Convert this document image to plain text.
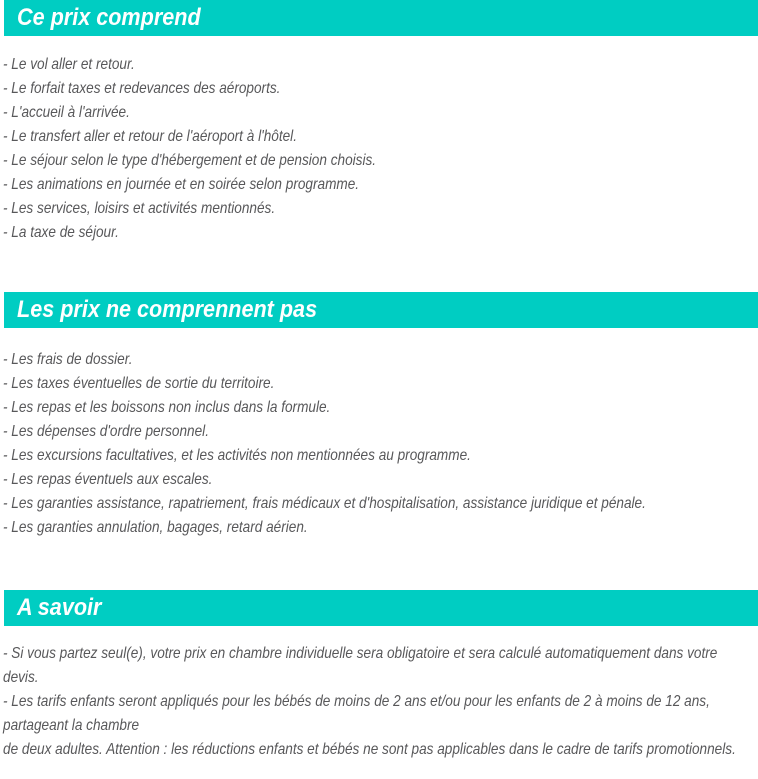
Ce prix comprend
- Le vol aller et retour.
- Le forfait taxes et redevances des aéroports.
- L'accueil à l'arrivée.
- Le transfert aller et retour de l'aéroport à l'hôtel.
- Le séjour selon le type d'hébergement et de pension choisis.
- Les animations en journée et en soirée selon programme.
- Les services, loisirs et activités mentionnés.
- La taxe de séjour.
Les prix ne comprennent pas
- Les frais de dossier.
- Les taxes éventuelles de sortie du territoire.
- Les repas et les boissons non inclus dans la formule.
- Les dépenses d'ordre personnel.
- Les excursions facultatives, et les activités non mentionnées au programme.
- Les repas éventuels aux escales.
- Les garanties assistance, rapatriement, frais médicaux et d'hospitalisation, assistance juridique et pénale.
- Les garanties annulation, bagages, retard aérien.
A savoir
- Si vous partez seul(e), votre prix en chambre individuelle sera obligatoire et sera calculé automatiquement dans votre
devis.
- Les tarifs enfants seront appliqués pour les bébés de moins de 2 ans et/ou pour les enfants de 2 à moins de 12 ans,
partageant la chambre
de deux adultes. Attention : les réductions enfants et bébés ne sont pas applicables dans le cadre de tarifs promotionnels.
